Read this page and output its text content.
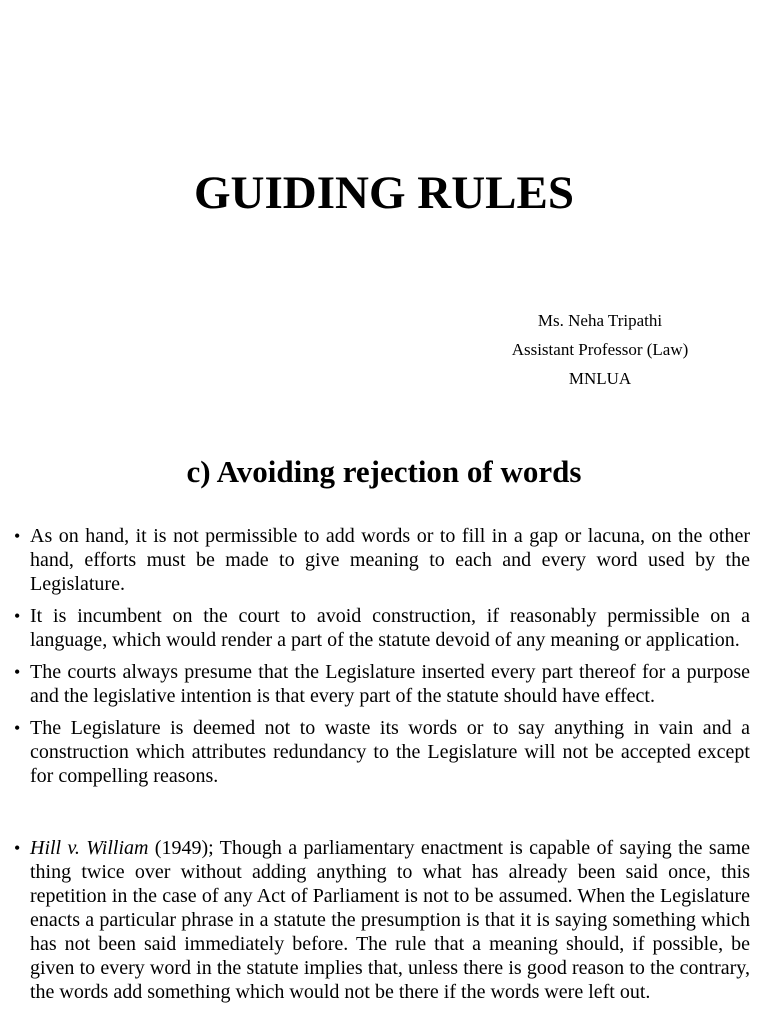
GUIDING RULES
Ms. Neha Tripathi
Assistant Professor (Law)
MNLUA
c) Avoiding rejection of words
• As on hand, it is not permissible to add words or to fill in a gap or lacuna, on the other hand, efforts must be made to give meaning to each and every word used by the Legislature.
• It is incumbent on the court to avoid construction, if reasonably permissible on a language, which would render a part of the statute devoid of any meaning or application.
• The courts always presume that the Legislature inserted every part thereof for a purpose and the legislative intention is that every part of the statute should have effect.
• The Legislature is deemed not to waste its words or to say anything in vain and a construction which attributes redundancy to the Legislature will not be accepted except for compelling reasons.
• Hill v. William (1949); Though a parliamentary enactment is capable of saying the same thing twice over without adding anything to what has already been said once, this repetition in the case of any Act of Parliament is not to be assumed. When the Legislature enacts a particular phrase in a statute the presumption is that it is saying something which has not been said immediately before. The rule that a meaning should, if possible, be given to every word in the statute implies that, unless there is good reason to the contrary, the words add something which would not be there if the words were left out.
